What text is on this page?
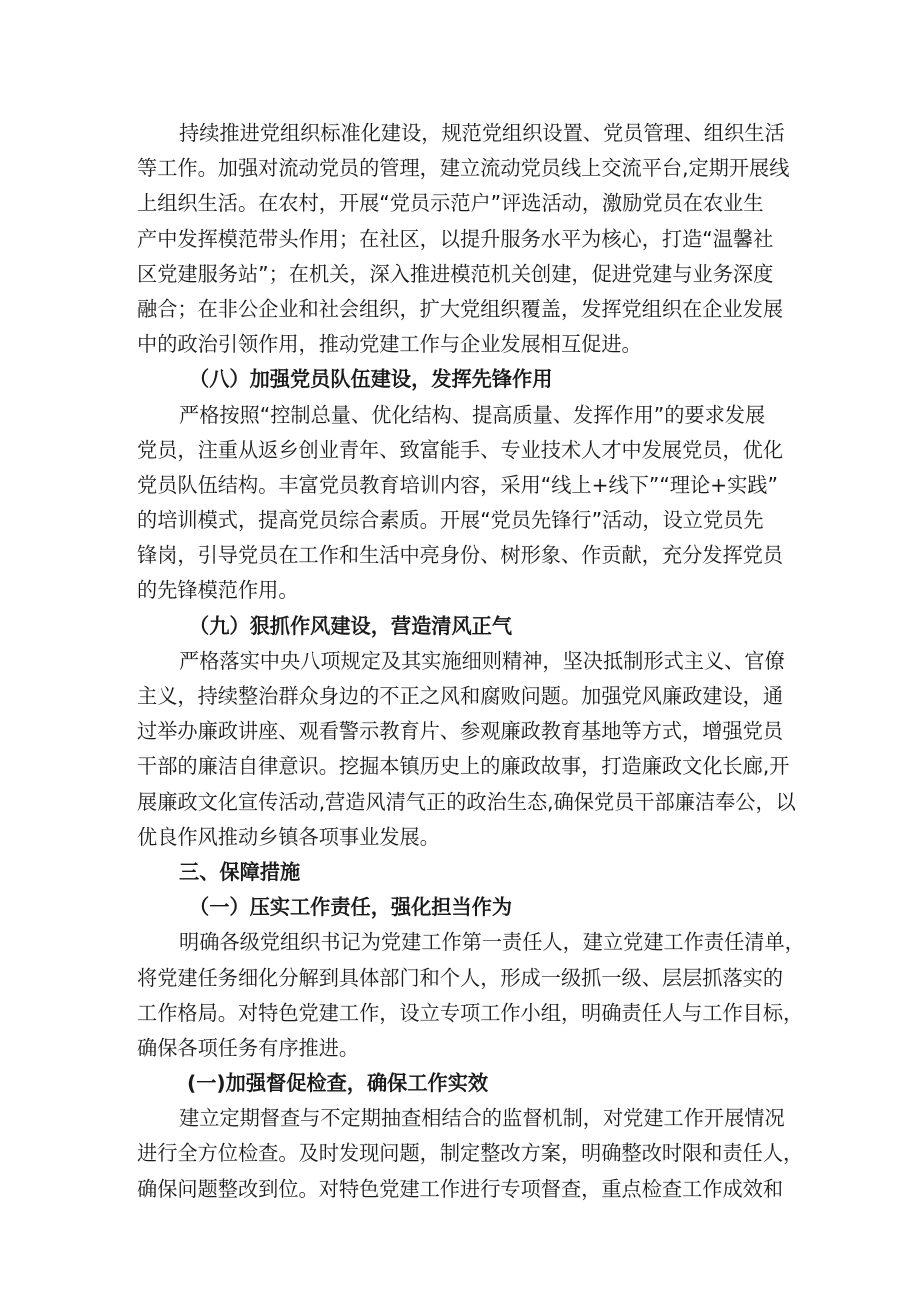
持续推进党组织标准化建设，规范党组织设置、党员管理、组织生活
等工作。加强对流动党员的管理，建立流动党员线上交流平台,定期开展线
上组织生活。在农村，开展“党员示范户”评选活动，激励党员在农业生
产中发挥模范带头作用；在社区，以提升服务水平为核心，打造“温馨社
区党建服务站”；在机关，深入推进模范机关创建，促进党建与业务深度
融合；在非公企业和社会组织，扩大党组织覆盖，发挥党组织在企业发展
中的政治引领作用，推动党建工作与企业发展相互促进。
（八）加强党员队伍建设，发挥先锋作用
严格按照“控制总量、优化结构、提高质量、发挥作用”的要求发展
党员，注重从返乡创业青年、致富能手、专业技术人才中发展党员，优化
党员队伍结构。丰富党员教育培训内容，采用“线上+线下”“理论+实践”
的培训模式，提高党员综合素质。开展“党员先锋行”活动，设立党员先
锋岗，引导党员在工作和生活中亮身份、树形象、作贡献，充分发挥党员
的先锋模范作用。
（九）狠抓作风建设，营造清风正气
严格落实中央八项规定及其实施细则精神，坚决抵制形式主义、官僚
主义，持续整治群众身边的不正之风和腐败问题。加强党风廉政建设，通
过举办廉政讲座、观看警示教育片、参观廉政教育基地等方式，增强党员
干部的廉洁自律意识。挖掘本镇历史上的廉政故事，打造廉政文化长廊,开
展廉政文化宣传活动,营造风清气正的政治生态,确保党员干部廉洁奉公，以
优良作风推动乡镇各项事业发展。
三、保障措施
（一）压实工作责任，强化担当作为
明确各级党组织书记为党建工作第一责任人，建立党建工作责任清单，
将党建任务细化分解到具体部门和个人，形成一级抓一级、层层抓落实的
工作格局。对特色党建工作，设立专项工作小组，明确责任人与工作目标，
确保各项任务有序推进。
(一)加强督促检查，确保工作实效
建立定期督查与不定期抽查相结合的监督机制，对党建工作开展情况
进行全方位检查。及时发现问题，制定整改方案，明确整改时限和责任人，
确保问题整改到位。对特色党建工作进行专项督查，重点检查工作成效和
